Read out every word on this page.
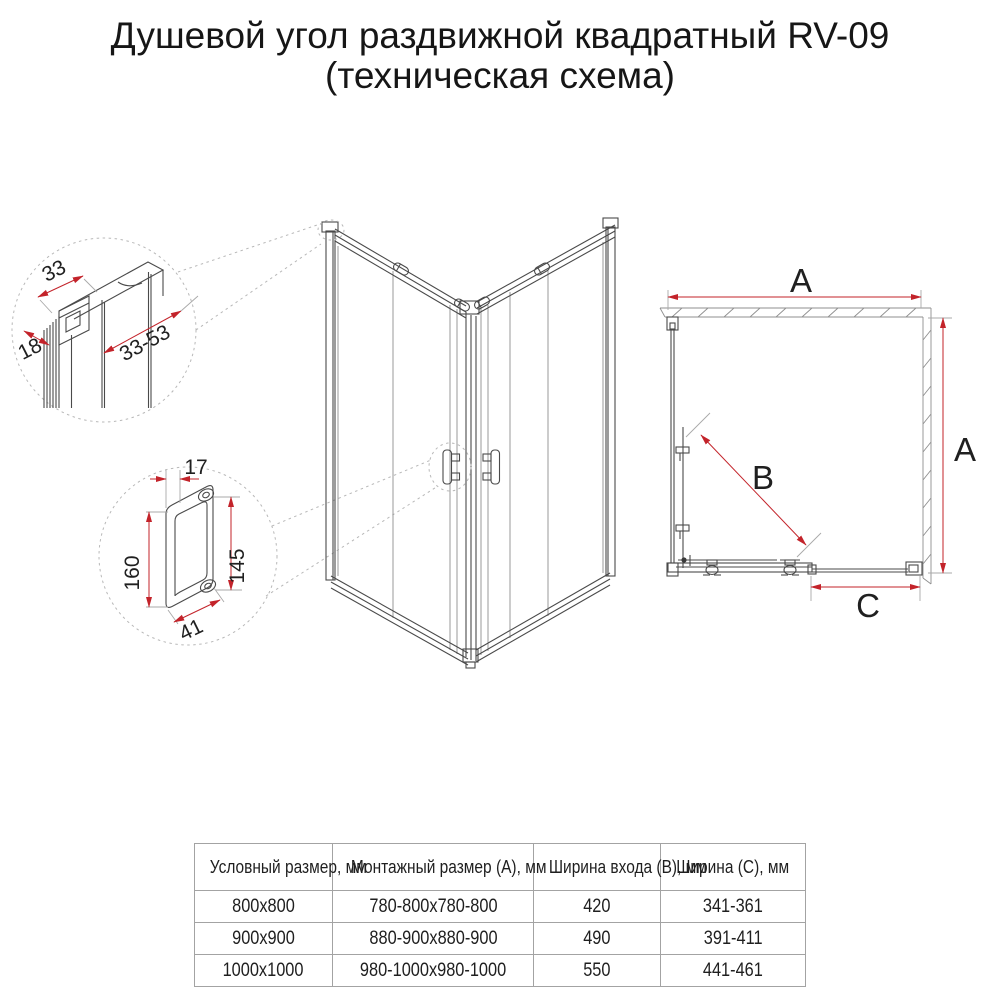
Душевой угол раздвижной квадратный RV-09
(техническая схема)
33
18	33-53
17
160	145
41
A
A
B
C
Условный размер, мм	Монтажный размер (А), мм	Ширина входа (В), мм	Ширина (С), мм
800x800	780-800x780-800	420	341-361
900x900	880-900x880-900	490	391-411
1000x1000	980-1000x980-1000	550	441-461
